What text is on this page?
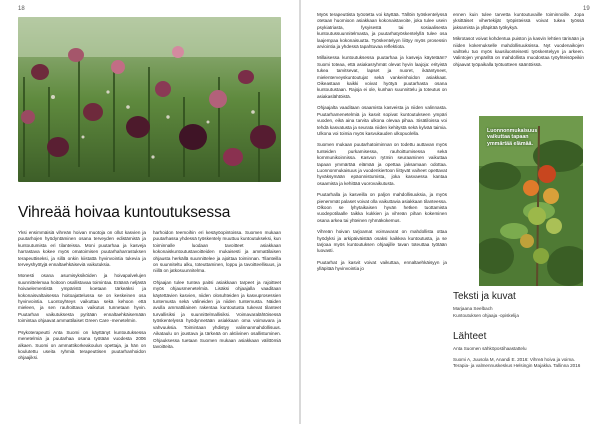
18
Vihreää hoivaa kuntoutuksessa

Yksi ensimmäisiä vihreän hoivan muotoja on ollut kasvien ja puutarhojen hyödyntäminen osana terveyden edistämistä ja kuntoutumista eri tilanteissa. Moni puutarhaa ja kasveja harrastava kokee myös omatoimisen puutarhaharrastuksen terapeuttiseksi, ja sillä onkin kiistattä hyvinvointia tukevia ja terveyshyötyjä ennaltaehkäiseviä vaikutuksia.

Monesti osana asumisyksiköiden ja hoivapalvelujen suunnittelemaa hoitoon osallistavaa toimintaa. Eräänä neljästä hoivaelementistä ympäristö koetaan tärkeäksi ja kokonaisvaltaisessa hoitoajattelussa se on keskeinen osa hyvinvointia. Luontoyhteys vaikuttaa sekä kehoon että mieleen, ja sen rauhoittava vaikutus tunnetaan hyvin. Puutarhan vaikutuksesta pyritään ennaltaehkäisemään toimintaa ohjaavat ammattilaiset Green Care -menetelmin.

Psykoterapeutti Anta Suomi on käyttänyt kuntoutuksessa menetelmiä ja puutarhaa osana työtään vuodesta 2006 alkaen. Suomi on ammattikorkeakoulun opettaja, ja hän on koulutettu useita ryhmiä terapeuttisen puutarhanhoidon ohjaajiksi.

harhoidon teemoihin eri kesäyöopintoissa. Suomen mukaan puutarhassa yhdessä työskentely muuttuu kuntoutukseksi, kun toiminnalle luodaan tavoitteet asiakkaan kokonaiskuntoutustavoitteiden mukaisesti ja ammattilaisen ohjausta herkällä suunnittelee ja ajoittaa toiminnan. Tilanteilla on suunniteltu alku, toteuttaminen, loppu ja tavoitteellisuus, ja niillä on jatkosuunnitelma.

Ohjaajan tulee tuntea paitsi asiakkaan tarpeet ja rajoitteet myös ohjausmenetelmiä. Lisäksi ohjaajalla vaaditaan käytettävien kasvien, niiden olosuhteiden ja kasvuprosessien tuntemusta sekä välineiden ja niiden tuntemusta. Näiden avulla ammattilainen rakentaa kuntoutusta tukevat tilanteet turvallisiksi ja suunnittelmallisiksi. Voimavaralähtöisessä työskentelyssä hyödynnetään asiakkaan oma voimavara ja vahvuuksia. Toimintaan yhdistyy valinnanmahdollisuus. Aikataulu on joustava ja tärkeää on aktiivinen osallistuminen. Ohjauksessa tuetaan Suomen mukaan asiakkaan välittömiä tavoitteita.

19

Myös terapeuttista työotetta voi käyttää. Tällöin työskentelyssä otetaan huomioon asiakkaan kokonaistavoite, joka tulee usein psykiatriasta, fysyisestä tai sosiaalisesta kuntoutussuunnitelmasta, ja puutarhatyöskentelyllä tulee osa laajempaa kokonaisuutta. Työskentelyyn liittyy myös prosessin arviointia ja yhdessä tapahtuvaa reflektiota.

Millaisessa kuntoutuksessa puutarhaa ja kasveja käytetään? Suomi toteaa, että asiakasryhmät olevat hyvin laajoja: erityistä tukea tarvitsevat, lapset ja nuoret, ikääntyneet, mielenterveyskuntoutujat sekä vankeinhoidon asiakkaat. Oikeastaan kaikki voivat hyötyä puutarhasta osana kuntoutustaan. Rajoja ei ole, kunhan suunnittelu ja toteutus on asiakaslähtöistä.

Ohjaajalta vaaditaan osaamista kasveista ja niiden valinnasta. Puutarhamenetelmiä ja kasvit sopivat kuntoutukseen ympäri vuoden, eikä aina tarvita ulkona olevaa pihaa. Sisätiloissa voi tehdä kasvatusta ja seurata niiden kehitystä sekä kylvää taimia. Ulkona voi toimia myös kasvukauden ulkopuolella.

Suomen mukaan puutarhatoiminnan on todettu auttavan myös tunteiden purkamisessa, rauhoittumisessa sekä kommunikoinnissa. Kasvun rytmin seuraaminen vaikuttaa tapaan ymmärtää elämää ja opettaa jaksamaan odottaa. Luonnonmukaisuus ja vuodenkiertoon liittyvät vaiheet opettavat hyväksymään epäonnistumista, joka kasvaessa kantaa osaamista ja kehittää vuorovaikutusta.

Puutarhalla ja kasveilla on paljon mahdollisuuksia, ja myös pienemmät palaset voivat olla vaikuttavia asiakkaan tilanteessa. Olkoon se lyhytaikaisen hyvän hetken tuottamista vuodepotilaalle taikka kukkien ja vihreän pihan kokeminen osana arkea tai yhteinen ryhmäkokemus.

Vihreän hoivan tarjoamat voimavarat on mahdollista ottaa hyödyksi ja arkipäiväistää osaksi kaikkea kuntoutusta, ja se tarjoaa myös kuntoutuksen ohjaajille tavan toteuttaa työtään luovasti.

Puutarhat ja kasvit voivat vaikuttaa, ennaltaehkäisyyn ja ylläpitää hyvinvointia jo

ennen kuin tulee tarvetta kuntoutuvaille toiminnoille. Jopa yksittäiset vihertekijät työpisteissä voivat tukea työssä jaksamista ja ylläpitää työkykyä.

Mikrotasot voivat kohdentua puiston ja kasvin lehtien tärinään ja niiden kokemukselle mahdollisuuksissa. Nyt vuodenaikojen vaihtelu tuo myös kausiluonteisesti työskentelyyn ja arkeen. Valintojen ympäriltä on mahdollista muodostaa työyhteisöpeikin ohjaavat työpaikalla työtuotteen sääntöissä.

Luonnonmukaisuus vaikuttaa tapaan ymmärtää elämää.
Teksti ja kuvat
Marjaana Seelbach
Kuntoutuksen ohjaaja -opiskelija
Lähteet
Anta Suomen sähköpostihaastattelu
Suomi A, Juusola M, Anandi E. 2016: Vihreä hoiva ja voima. Terapia- ja valmennuskeskus Helsingin Majakka. Tallinna 2016
